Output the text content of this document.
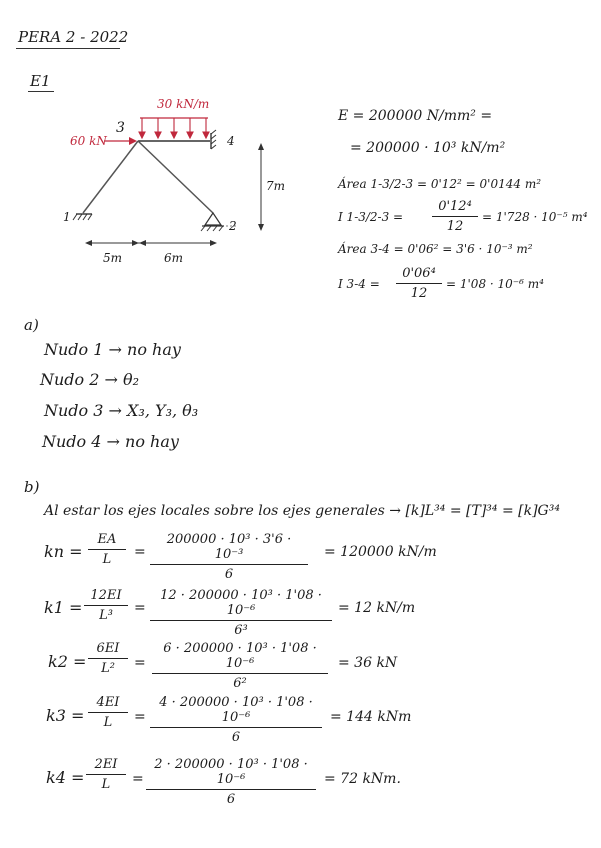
PERA 2 - 2022
E1
30 kN/m
60 kN
3
4
1
2
7m
5m	6m
E = 200000 N/mm² =
= 200000 · 10³ kN/m²
Área 1-3/2-3 = 0'12² = 0'0144 m²
I 1-3/2-3 =
0'12⁴
12
= 1'728 · 10⁻⁵ m⁴
Área 3-4 = 0'06² = 3'6 · 10⁻³ m²
I 3-4 =
0'06⁴
12
= 1'08 · 10⁻⁶ m⁴
a)
Nudo 1 → no hay
Nudo 2 → θ₂
Nudo 3 → X₃, Y₃, θ₃
Nudo 4 → no hay
b)
Al estar los ejes locales sobre los ejes generales → [k]L³⁴ = [T]³⁴ = [k]G³⁴
kn =
EA
L	=
200000 · 10³ · 3'6 · 10⁻³
6
= 120000 kN/m
k1 =
12EI
L³	=
12 · 200000 · 10³ · 1'08 · 10⁻⁶
6³
= 12 kN/m
k2 =
6EI
L²	=
6 · 200000 · 10³ · 1'08 · 10⁻⁶
6²
= 36 kN
k3 =
4EI
L	=
4 · 200000 · 10³ · 1'08 · 10⁻⁶
6
= 144 kNm
k4 =
2EI
L	=
2 · 200000 · 10³ · 1'08 · 10⁻⁶
6
= 72 kNm.
